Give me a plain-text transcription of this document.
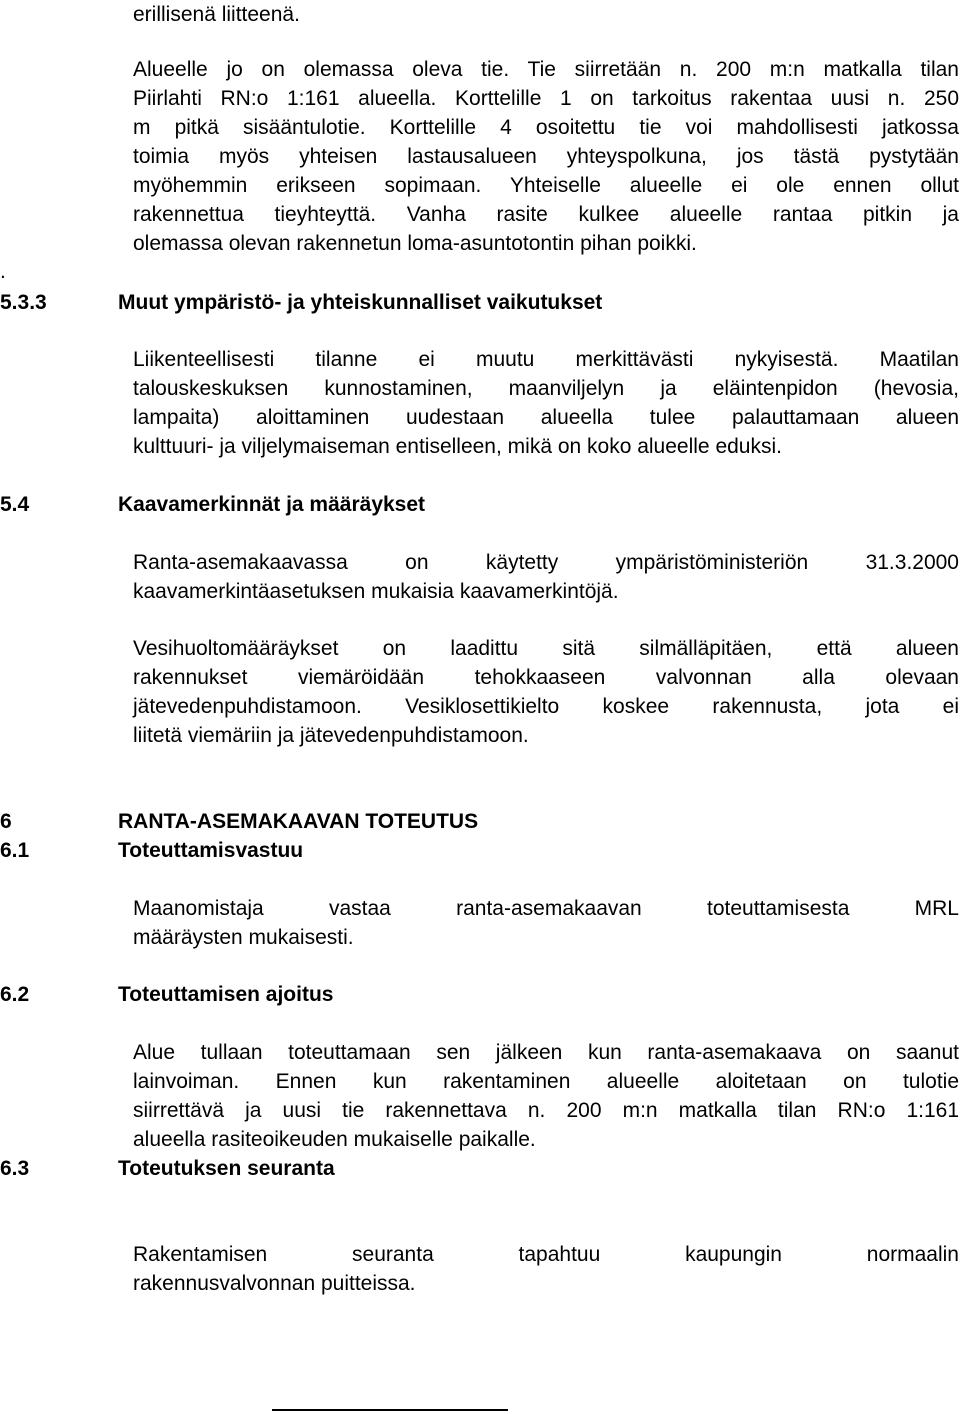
erillisenä liitteenä.
Alueelle jo on olemassa oleva tie. Tie siirretään n. 200 m:n matkalla tilan
Piirlahti RN:o 1:161 alueella. Korttelille 1 on tarkoitus rakentaa uusi n. 250
m pitkä sisääntulotie. Korttelille 4 osoitettu tie voi mahdollisesti jatkossa
toimia myös yhteisen lastausalueen yhteyspolkuna, jos tästä pystytään
myöhemmin erikseen sopimaan. Yhteiselle alueelle ei ole ennen ollut
rakennettua tieyhteyttä. Vanha rasite kulkee alueelle rantaa pitkin ja
olemassa olevan rakennetun loma-asuntotontin pihan poikki.
.
5.3.3	Muut ympäristö- ja yhteiskunnalliset vaikutukset
Liikenteellisesti tilanne ei muutu merkittävästi nykyisestä. Maatilan
talouskeskuksen kunnostaminen, maanviljelyn ja eläintenpidon (hevosia,
lampaita) aloittaminen uudestaan alueella tulee palauttamaan alueen
kulttuuri- ja viljelymaiseman entiselleen, mikä on koko alueelle eduksi.
5.4	Kaavamerkinnät ja määräykset
Ranta-asemakaavassa on käytetty ympäristöministeriön 31.3.2000
kaavamerkintäasetuksen mukaisia kaavamerkintöjä.
Vesihuoltomääräykset on laadittu sitä silmälläpitäen, että alueen
rakennukset viemäröidään tehokkaaseen valvonnan alla olevaan
jätevedenpuhdistamoon. Vesiklosettikielto koskee rakennusta, jota ei
liitetä viemäriin ja jätevedenpuhdistamoon.
6	RANTA-ASEMAKAAVAN TOTEUTUS
6.1	Toteuttamisvastuu
Maanomistaja vastaa ranta-asemakaavan toteuttamisesta MRL
määräysten mukaisesti.
6.2	Toteuttamisen ajoitus
Alue tullaan toteuttamaan sen jälkeen kun ranta-asemakaava on saanut
lainvoiman. Ennen kun rakentaminen alueelle aloitetaan on tulotie
siirrettävä ja uusi tie rakennettava n. 200 m:n matkalla tilan RN:o 1:161
alueella rasiteoikeuden mukaiselle paikalle.
6.3	Toteutuksen seuranta
Rakentamisen seuranta tapahtuu kaupungin normaalin
rakennusvalvonnan puitteissa.
